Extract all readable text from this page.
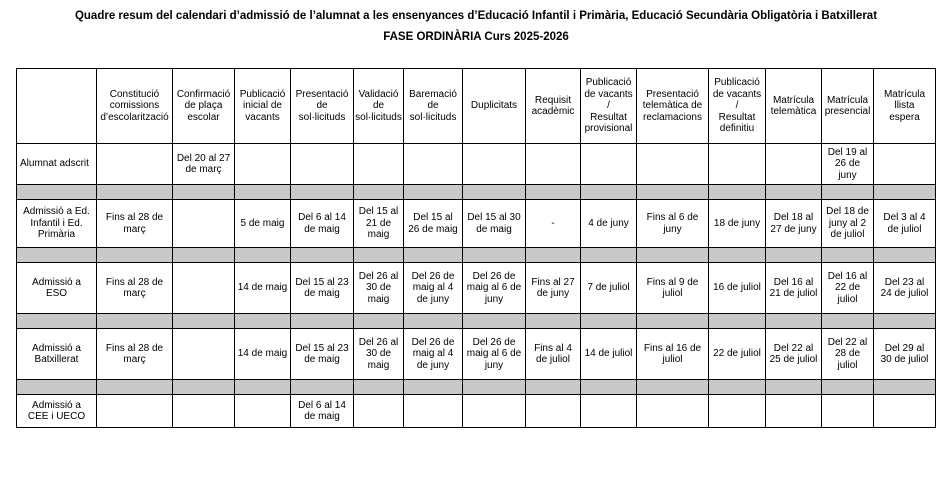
Quadre resum del calendari d’admissió de l’alumnat a les ensenyances d’Educació Infantil i Primària, Educació Secundària Obligatòria i Batxillerat
FASE ORDINÀRIA Curs 2025-2026
	Constitució
comissions
d’escolarització	Confirmació
de plaça
escolar	Publicació
inicial de
vacants	Presentació
de
sol·licituds	Validació
de
sol·licituds	Baremació
de
sol·licituds	Duplicitats	Requisit
acadèmic	Publicació
de vacants
/
Resultat
provisional	Presentació
telemàtica de
reclamacions	Publicació
de vacants
/
Resultat
definitiu	Matrícula
telemàtica	Matrícula
presencial	Matrícula
llista
espera
Alumnat adscrit		Del 20 al 27
de març											Del 19 al
26 de
juny	

Admissió a Ed.
Infantil i Ed.
Primària	Fins al 28 de
març		5 de maig	Del 6 al 14
de maig	Del 15 al
21 de
maig	Del 15 al
26 de maig	Del 15 al 30
de maig	-	4 de juny	Fins al 6 de
juny	18 de juny	Del 18 al
27 de juny	Del 18 de
juny al 2
de juliol	Del 3 al 4
de juliol

Admissió a
ESO	Fins al 28 de
març		14 de maig	Del 15 al 23
de maig	Del 26 al
30 de
maig	Del 26 de
maig al 4
de juny	Del 26 de
maig al 6 de
juny	Fins al 27
de juny	7 de juliol	Fins al 9 de
juliol	16 de juliol	Del 16 al
21 de juliol	Del 16 al
22 de
juliol	Del 23 al
24 de juliol

Admissió a
Batxillerat	Fins al 28 de
març		14 de maig	Del 15 al 23
de maig	Del 26 al
30 de
maig	Del 26 de
maig al 4
de juny	Del 26 de
maig al 6 de
juny	Fins al 4
de juliol	14 de juliol	Fins al 16 de
juliol	22 de juliol	Del 22 al
25 de juliol	Del 22 al
28 de
juliol	Del 29 al
30 de juliol

Admissió a
CEE i UECO				Del 6 al 14
de maig										
